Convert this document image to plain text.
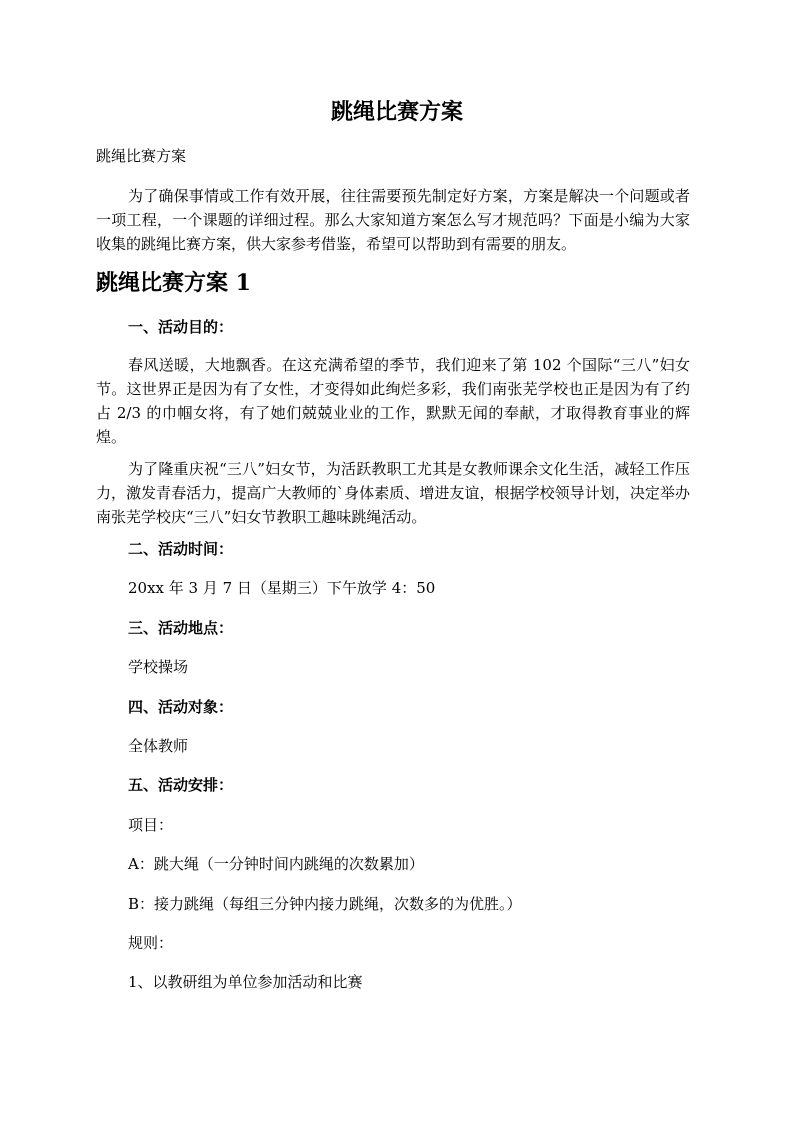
跳绳比赛方案

跳绳比赛方案

为了确保事情或工作有效开展，往往需要预先制定好方案，方案是解决一个问题或者一项工程，一个课题的详细过程。那么大家知道方案怎么写才规范吗？下面是小编为大家收集的跳绳比赛方案，供大家参考借鉴，希望可以帮助到有需要的朋友。

跳绳比赛方案 1

一、活动目的：

春风送暖，大地飘香。在这充满希望的季节，我们迎来了第 102 个国际“三八”妇女节。这世界正是因为有了女性，才变得如此绚烂多彩，我们南张芜学校也正是因为有了约占 2/3 的巾帼女将，有了她们兢兢业业的工作，默默无闻的奉献，才取得教育事业的辉煌。

为了隆重庆祝“三八”妇女节，为活跃教职工尤其是女教师课余文化生活，减轻工作压力，激发青春活力，提高广大教师的`身体素质、增进友谊，根据学校领导计划，决定举办南张芜学校庆“三八”妇女节教职工趣味跳绳活动。

二、活动时间：

20xx 年 3 月 7 日（星期三）下午放学 4：50

三、活动地点：

学校操场

四、活动对象：

全体教师

五、活动安排：

项目：

A：跳大绳（一分钟时间内跳绳的次数累加）

B：接力跳绳（每组三分钟内接力跳绳，次数多的为优胜。）

规则：

1、以教研组为单位参加活动和比赛
